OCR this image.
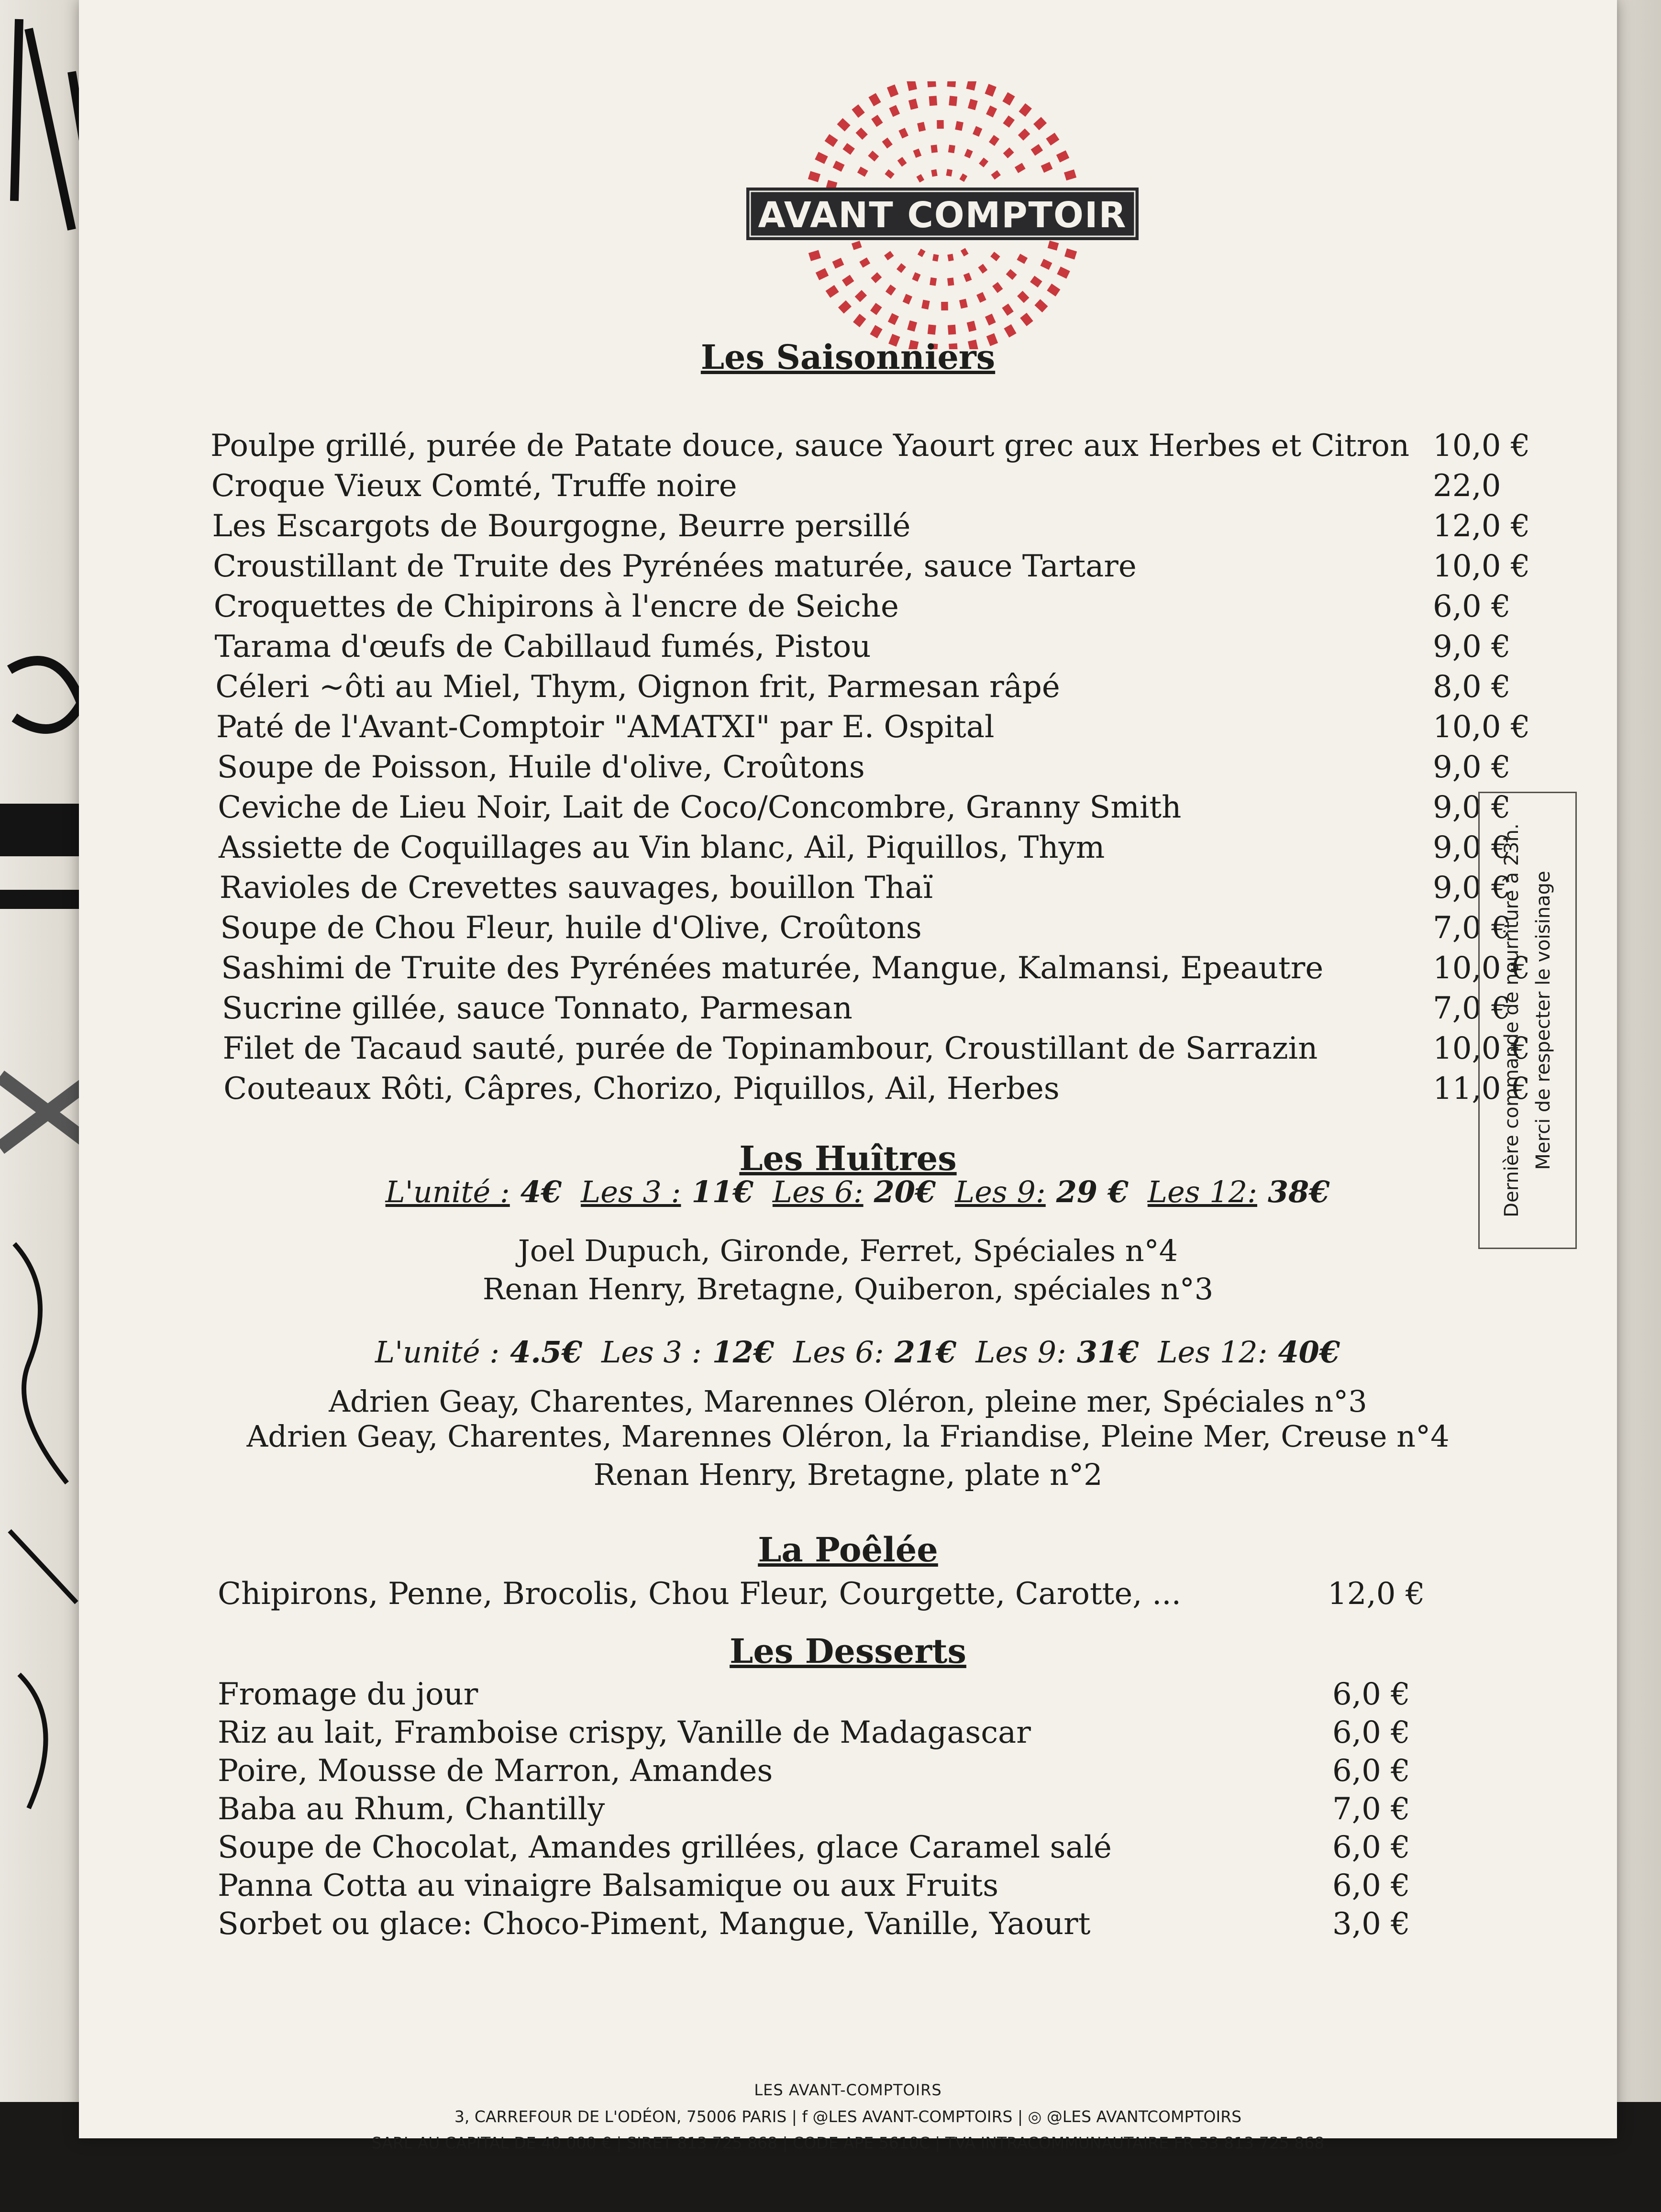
AVANT COMPTOIR
Les Saisonniers
Poulpe grillé, purée de Patate douce, sauce Yaourt grec aux Herbes et Citron 10,0 €
Croque Vieux Comté, Truffe noire	22,0
Les Escargots de Bourgogne, Beurre persillé	12,0 €
Croustillant de Truite des Pyrénées maturée, sauce Tartare	10,0 €
Croquettes de Chipirons à l'encre de Seiche	6,0 €
Tarama d'œufs de Cabillaud fumés, Pistou	9,0 €
Céleri ~ôti au Miel, Thym, Oignon frit, Parmesan râpé	8,0 €
Paté de l'Avant-Comptoir "AMATXI" par E. Ospital	10,0 €
Soupe de Poisson, Huile d'olive, Croûtons	9,0 €
Ceviche de Lieu Noir, Lait de Coco/Concombre, Granny Smith	9,0 €
Assiette de Coquillages au Vin blanc, Ail, Piquillos, Thym	9,0 €
Ravioles de Crevettes sauvages, bouillon Thaï	9,0 €
Soupe de Chou Fleur, huile d'Olive, Croûtons	7,0 €
Sashimi de Truite des Pyrénées maturée, Mangue, Kalmansi, Epeautre	10,0 €
Sucrine gillée, sauce Tonnato, Parmesan	7,0 €
Filet de Tacaud sauté, purée de Topinambour, Croustillant de Sarrazin	10,0 €
Couteaux Rôti, Câpres, Chorizo, Piquillos, Ail, Herbes	11,0 €
Les Huîtres
L'unité : 4€ Les 3 : 11€ Les 6: 20€ Les 9: 29 € Les 12: 38€
Joel Dupuch, Gironde, Ferret, Spéciales n°4
Renan Henry, Bretagne, Quiberon, spéciales n°3
L'unité : 4.5€ Les 3 : 12€ Les 6: 21€ Les 9: 31€ Les 12: 40€
Adrien Geay, Charentes, Marennes Oléron, pleine mer, Spéciales n°3
Adrien Geay, Charentes, Marennes Oléron, la Friandise, Pleine Mer, Creuse n°4
Renan Henry, Bretagne, plate n°2
La Poêlée
Chipirons, Penne, Brocolis, Chou Fleur, Courgette, Carotte, ...	12,0 €
Les Desserts
Fromage du jour	6,0 €
Riz au lait, Framboise crispy, Vanille de Madagascar	6,0 €
Poire, Mousse de Marron, Amandes	6,0 €
Baba au Rhum, Chantilly	7,0 €
Soupe de Chocolat, Amandes grillées, glace Caramel salé	6,0 €
Panna Cotta au vinaigre Balsamique ou aux Fruits	6,0 €
Sorbet ou glace: Choco-Piment, Mangue, Vanille, Yaourt	3,0 €
Dernière commande de nourriture à 23h. Merci de respecter le voisinage
LES AVANT-COMPTOIRS
3, CARREFOUR DE L'ODÉON, 75006 PARIS | f @LES AVANT-COMPTOIRS | ◎ @LES AVANTCOMPTOIRS
SARL AU CAPITAL DE 40 000 € | SIRET 813 725 868 | CODE APE 5610C | TVA INTRACOMMUNAUTAIRE FR 53 813 725 868
